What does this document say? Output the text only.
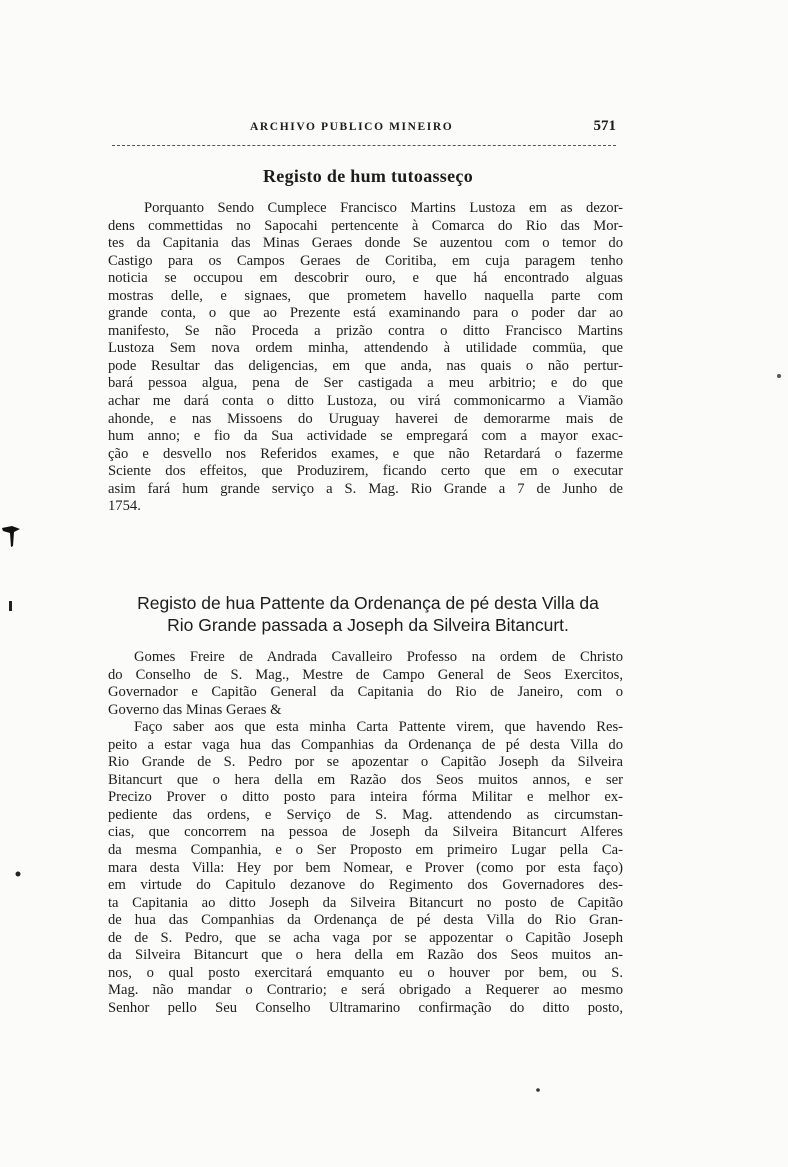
ARCHIVO PUBLICO MINEIRO	571
Registo de hum tutoasseço
Porquanto Sendo Cumplece Francisco Martins Lustoza em as dezor-
dens commettidas no Sapocahi pertencente à Comarca do Rio das Mor-
tes da Capitania das Minas Geraes donde Se auzentou com o temor do
Castigo para os Campos Geraes de Coritiba, em cuja paragem tenho
noticia se occupou em descobrir ouro, e que há encontrado alguas
mostras delle, e signaes, que prometem havello naquella parte com
grande conta, o que ao Prezente está examinando para o poder dar ao
manifesto, Se não Proceda a prizão contra o ditto Francisco Martins
Lustoza Sem nova ordem minha, attendendo à utilidade commüa, que
pode Resultar das deligencias, em que anda, nas quais o não pertur-
bará pessoa algua, pena de Ser castigada a meu arbitrio; e do que
achar me dará conta o ditto Lustoza, ou virá commonicarmo a Viamão
ahonde, e nas Missoens do Uruguay haverei de demorarme mais de
hum anno; e fio da Sua actividade se empregará com a mayor exac-
ção e desvello nos Referidos exames, e que não Retardará o fazerme
Sciente dos effeitos, que Produzirem, ficando certo que em o executar
asim fará hum grande serviço a S. Mag. Rio Grande a 7 de Junho de
1754.
Registo de hua Pattente da Ordenança de pé desta Villa da
Rio Grande passada a Joseph da Silveira Bitancurt.
Gomes Freire de Andrada Cavalleiro Professo na ordem de Christo
do Conselho de S. Mag., Mestre de Campo General de Seos Exercitos,
Governador e Capitão General da Capitania do Rio de Janeiro, com o
Governo das Minas Geraes &
Faço saber aos que esta minha Carta Pattente virem, que havendo Res-
peito a estar vaga hua das Companhias da Ordenança de pé desta Villa do
Rio Grande de S. Pedro por se apozentar o Capitão Joseph da Silveira
Bitancurt que o hera della em Razão dos Seos muitos annos, e ser
Precizo Prover o ditto posto para inteira fórma Militar e melhor ex-
pediente das ordens, e Serviço de S. Mag. attendendo as circumstan-
cias, que concorrem na pessoa de Joseph da Silveira Bitancurt Alferes
da mesma Companhia, e o Ser Proposto em primeiro Lugar pella Ca-
mara desta Villa: Hey por bem Nomear, e Prover (como por esta faço)
em virtude do Capitulo dezanove do Regimento dos Governadores des-
ta Capitania ao ditto Joseph da Silveira Bitancurt no posto de Capitão
de hua das Companhias da Ordenança de pé desta Villa do Rio Gran-
de de S. Pedro, que se acha vaga por se appozentar o Capitão Joseph
da Silveira Bitancurt que o hera della em Razão dos Seos muitos an-
nos, o qual posto exercitará emquanto eu o houver por bem, ou S.
Mag. não mandar o Contrario; e será obrigado a Requerer ao mesmo
Senhor pello Seu Conselho Ultramarino confirmação do ditto posto,
